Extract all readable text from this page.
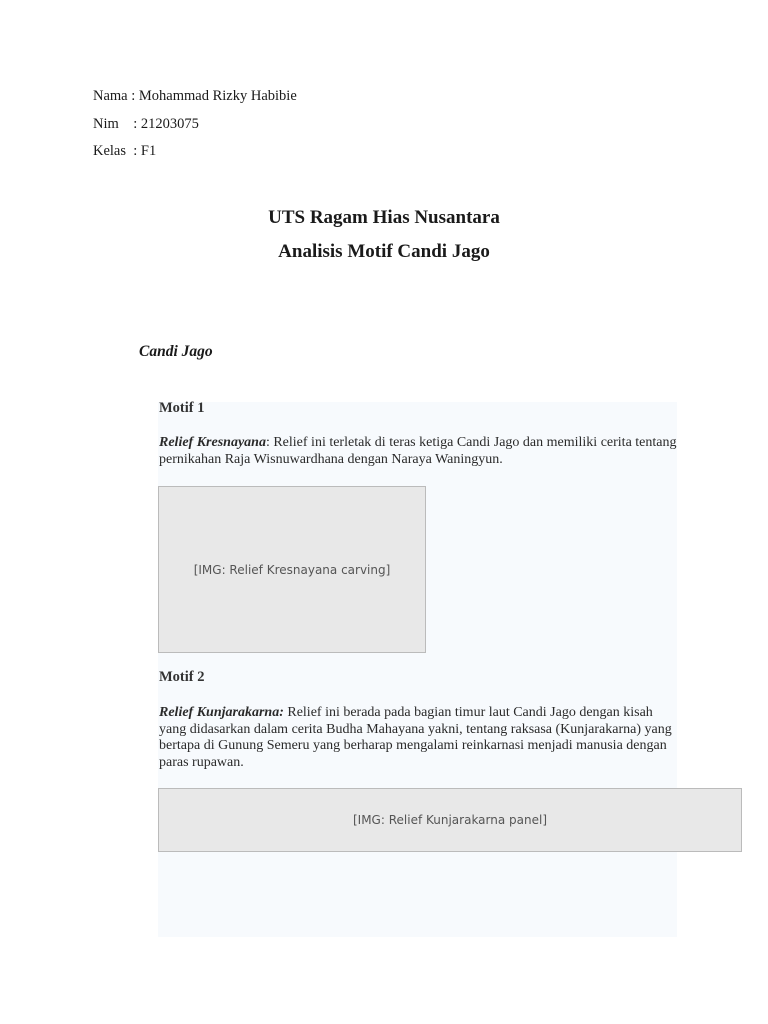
Nama : Mohammad Rizky Habibie
Nim    : 21203075
Kelas  : F1
UTS Ragam Hias Nusantara
Analisis Motif Candi Jago
Candi Jago
Motif 1
Relief Kresnayana: Relief ini terletak di teras ketiga Candi Jago dan memiliki cerita tentang pernikahan Raja Wisnuwardhana dengan Naraya Waningyun.
[IMG: Relief Kresnayana carving]
Motif 2
Relief Kunjarakarna: Relief ini berada pada bagian timur laut Candi Jago dengan kisah yang didasarkan dalam cerita Budha Mahayana yakni, tentang raksasa (Kunjarakarna) yang bertapa di Gunung Semeru yang berharap mengalami reinkarnasi menjadi manusia dengan paras rupawan.
[IMG: Relief Kunjarakarna panel]
